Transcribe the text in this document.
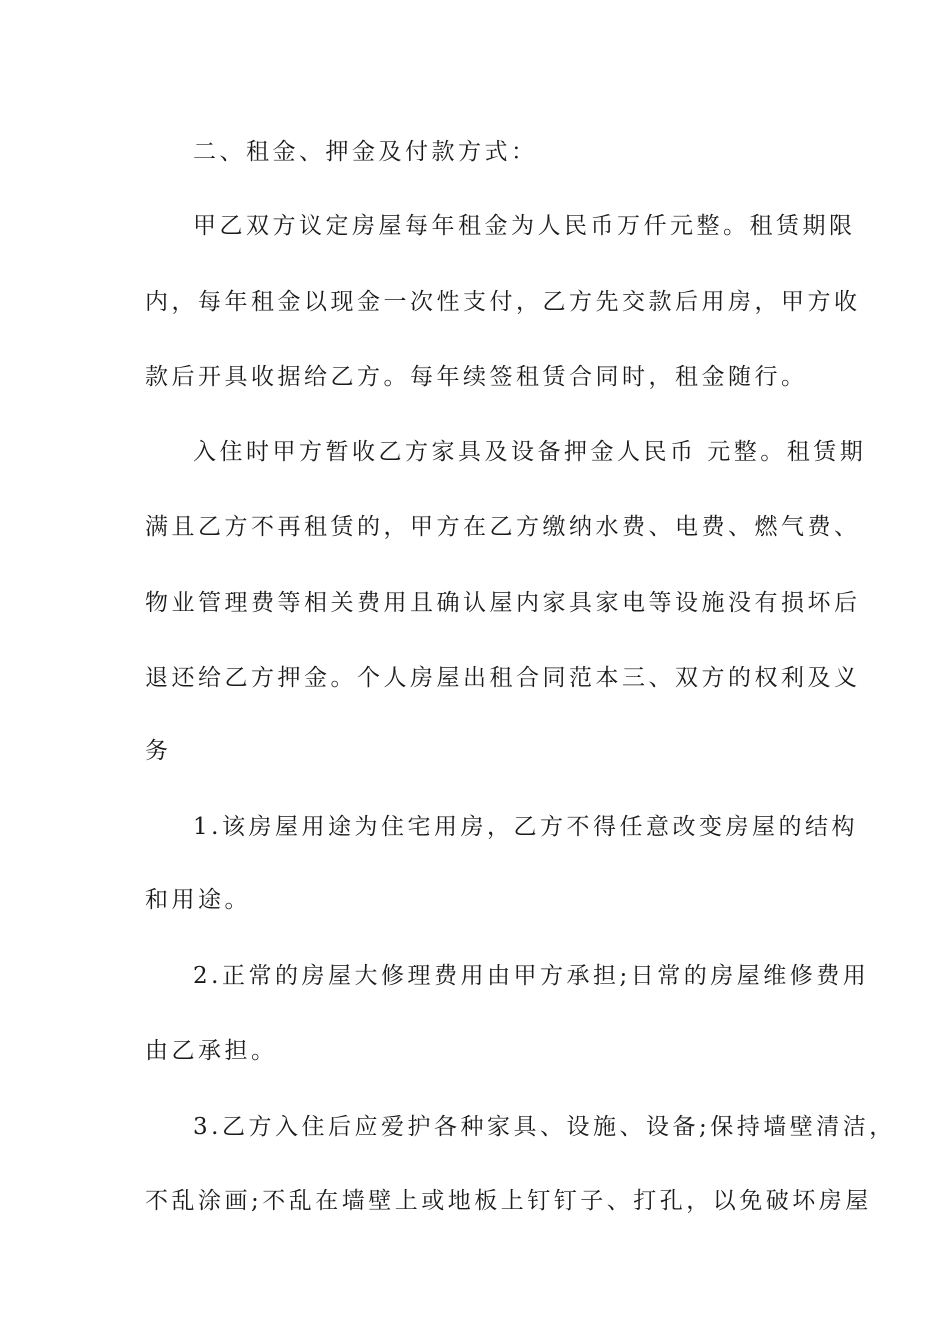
二、租金、押金及付款方式：
甲乙双方议定房屋每年租金为人民币万仟元整。租赁期限
内，每年租金以现金一次性支付，乙方先交款后用房，甲方收
款后开具收据给乙方。每年续签租赁合同时，租金随行。
入住时甲方暂收乙方家具及设备押金人民币 元整。租赁期
满且乙方不再租赁的，甲方在乙方缴纳水费、电费、燃气费、
物业管理费等相关费用且确认屋内家具家电等设施没有损坏后
退还给乙方押金。个人房屋出租合同范本三、双方的权利及义
务
1.该房屋用途为住宅用房，乙方不得任意改变房屋的结构
和用途。
2.正常的房屋大修理费用由甲方承担;日常的房屋维修费用
由乙承担。
3.乙方入住后应爱护各种家具、设施、设备;保持墙壁清洁，
不乱涂画;不乱在墙壁上或地板上钉钉子、打孔，以免破坏房屋
